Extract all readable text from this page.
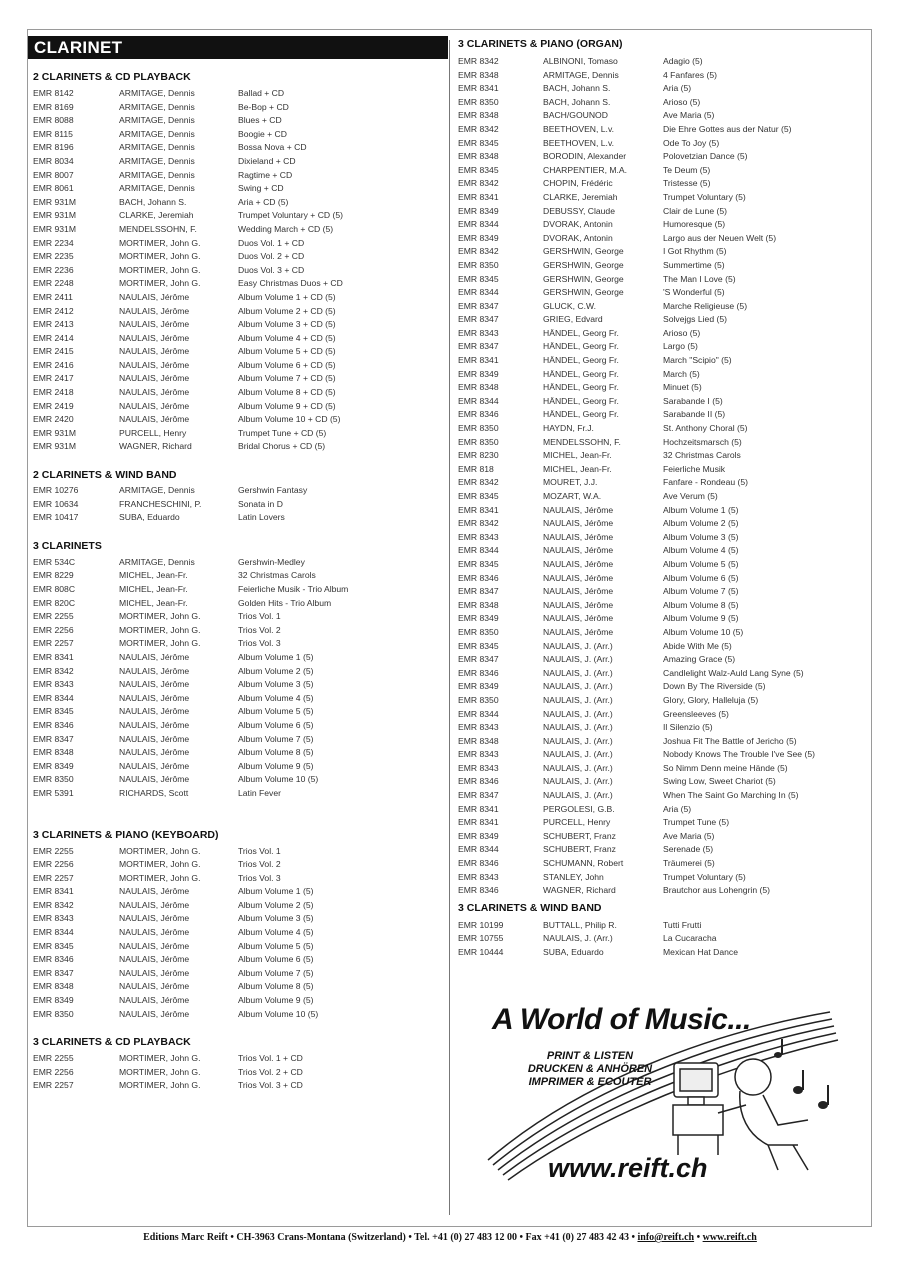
CLARINET
2 CLARINETS & CD PLAYBACK
EMR 8142	ARMITAGE, Dennis	Ballad + CD
EMR 8169	ARMITAGE, Dennis	Be-Bop + CD
EMR 8088	ARMITAGE, Dennis	Blues + CD
EMR 8115	ARMITAGE, Dennis	Boogie + CD
EMR 8196	ARMITAGE, Dennis	Bossa Nova + CD
EMR 8034	ARMITAGE, Dennis	Dixieland + CD
EMR 8007	ARMITAGE, Dennis	Ragtime + CD
EMR 8061	ARMITAGE, Dennis	Swing + CD
EMR 931M	BACH, Johann S.	Aria + CD (5)
EMR 931M	CLARKE, Jeremiah	Trumpet Voluntary + CD (5)
EMR 931M	MENDELSSOHN, F.	Wedding March + CD (5)
EMR 2234	MORTIMER, John G.	Duos Vol. 1 + CD
EMR 2235	MORTIMER, John G.	Duos Vol. 2 + CD
EMR 2236	MORTIMER, John G.	Duos Vol. 3 + CD
EMR 2248	MORTIMER, John G.	Easy Christmas Duos + CD
EMR 2411	NAULAIS, Jérôme	Album Volume 1 + CD (5)
EMR 2412	NAULAIS, Jérôme	Album Volume 2 + CD (5)
EMR 2413	NAULAIS, Jérôme	Album Volume 3 + CD (5)
EMR 2414	NAULAIS, Jérôme	Album Volume 4 + CD (5)
EMR 2415	NAULAIS, Jérôme	Album Volume 5 + CD (5)
EMR 2416	NAULAIS, Jérôme	Album Volume 6 + CD (5)
EMR 2417	NAULAIS, Jérôme	Album Volume 7 + CD (5)
EMR 2418	NAULAIS, Jérôme	Album Volume 8 + CD (5)
EMR 2419	NAULAIS, Jérôme	Album Volume 9 + CD (5)
EMR 2420	NAULAIS, Jérôme	Album Volume 10 + CD (5)
EMR 931M	PURCELL, Henry	Trumpet Tune + CD (5)
EMR 931M	WAGNER, Richard	Bridal Chorus + CD (5)
2 CLARINETS & WIND BAND
EMR 10276	ARMITAGE, Dennis	Gershwin Fantasy
EMR 10634	FRANCHESCHINI, P.	Sonata in D
EMR 10417	SUBA, Eduardo	Latin Lovers
3 CLARINETS
EMR 534C	ARMITAGE, Dennis	Gershwin-Medley
EMR 8229	MICHEL, Jean-Fr.	32 Christmas Carols
EMR 808C	MICHEL, Jean-Fr.	Feierliche Musik - Trio Album
EMR 820C	MICHEL, Jean-Fr.	Golden Hits - Trio Album
EMR 2255	MORTIMER, John G.	Trios Vol. 1
EMR 2256	MORTIMER, John G.	Trios Vol. 2
EMR 2257	MORTIMER, John G.	Trios Vol. 3
EMR 8341	NAULAIS, Jérôme	Album Volume 1 (5)
EMR 8342	NAULAIS, Jérôme	Album Volume 2 (5)
EMR 8343	NAULAIS, Jérôme	Album Volume 3 (5)
EMR 8344	NAULAIS, Jérôme	Album Volume 4 (5)
EMR 8345	NAULAIS, Jérôme	Album Volume 5 (5)
EMR 8346	NAULAIS, Jérôme	Album Volume 6 (5)
EMR 8347	NAULAIS, Jérôme	Album Volume 7 (5)
EMR 8348	NAULAIS, Jérôme	Album Volume 8 (5)
EMR 8349	NAULAIS, Jérôme	Album Volume 9 (5)
EMR 8350	NAULAIS, Jérôme	Album Volume 10 (5)
EMR 5391	RICHARDS, Scott	Latin Fever
3 CLARINETS & PIANO (KEYBOARD)
EMR 2255	MORTIMER, John G.	Trios Vol. 1
EMR 2256	MORTIMER, John G.	Trios Vol. 2
EMR 2257	MORTIMER, John G.	Trios Vol. 3
EMR 8341	NAULAIS, Jérôme	Album Volume 1 (5)
EMR 8342	NAULAIS, Jérôme	Album Volume 2 (5)
EMR 8343	NAULAIS, Jérôme	Album Volume 3 (5)
EMR 8344	NAULAIS, Jérôme	Album Volume 4 (5)
EMR 8345	NAULAIS, Jérôme	Album Volume 5 (5)
EMR 8346	NAULAIS, Jérôme	Album Volume 6 (5)
EMR 8347	NAULAIS, Jérôme	Album Volume 7 (5)
EMR 8348	NAULAIS, Jérôme	Album Volume 8 (5)
EMR 8349	NAULAIS, Jérôme	Album Volume 9 (5)
EMR 8350	NAULAIS, Jérôme	Album Volume 10 (5)
3 CLARINETS & CD PLAYBACK
EMR 2255	MORTIMER, John G.	Trios Vol. 1 + CD
EMR 2256	MORTIMER, John G.	Trios Vol. 2 + CD
EMR 2257	MORTIMER, John G.	Trios Vol. 3 + CD
3 CLARINETS & PIANO (ORGAN)
EMR 8342	ALBINONI, Tomaso	Adagio (5)
EMR 8348	ARMITAGE, Dennis	4 Fanfares (5)
EMR 8341	BACH, Johann S.	Aria (5)
EMR 8350	BACH, Johann S.	Arioso (5)
EMR 8348	BACH/GOUNOD	Ave Maria (5)
EMR 8342	BEETHOVEN, L.v.	Die Ehre Gottes aus der Natur (5)
EMR 8345	BEETHOVEN, L.v.	Ode To Joy (5)
EMR 8348	BORODIN, Alexander	Polovetzian Dance (5)
EMR 8345	CHARPENTIER, M.A.	Te Deum (5)
EMR 8342	CHOPIN, Frédéric	Tristesse (5)
EMR 8341	CLARKE, Jeremiah	Trumpet Voluntary (5)
EMR 8349	DEBUSSY, Claude	Clair de Lune (5)
EMR 8344	DVORAK, Antonin	Humoresque (5)
EMR 8349	DVORAK, Antonin	Largo aus der Neuen Welt (5)
EMR 8342	GERSHWIN, George	I Got Rhythm (5)
EMR 8350	GERSHWIN, George	Summertime (5)
EMR 8345	GERSHWIN, George	The Man I Love (5)
EMR 8344	GERSHWIN, George	'S Wonderful (5)
EMR 8347	GLUCK, C.W.	Marche Religieuse (5)
EMR 8347	GRIEG, Edvard	Solvejgs Lied (5)
EMR 8343	HÄNDEL, Georg Fr.	Arioso (5)
EMR 8347	HÄNDEL, Georg Fr.	Largo (5)
EMR 8341	HÄNDEL, Georg Fr.	March "Scipio" (5)
EMR 8349	HÄNDEL, Georg Fr.	March (5)
EMR 8348	HÄNDEL, Georg Fr.	Minuet (5)
EMR 8344	HÄNDEL, Georg Fr.	Sarabande I (5)
EMR 8346	HÄNDEL, Georg Fr.	Sarabande II (5)
EMR 8350	HAYDN, Fr.J.	St. Anthony Choral (5)
EMR 8350	MENDELSSOHN, F.	Hochzeitsmarsch (5)
EMR 8230	MICHEL, Jean-Fr.	32 Christmas Carols
EMR 818	MICHEL, Jean-Fr.	Feierliche Musik
EMR 8342	MOURET, J.J.	Fanfare - Rondeau (5)
EMR 8345	MOZART, W.A.	Ave Verum (5)
EMR 8341	NAULAIS, Jérôme	Album Volume 1 (5)
EMR 8342	NAULAIS, Jérôme	Album Volume 2 (5)
EMR 8343	NAULAIS, Jérôme	Album Volume 3 (5)
EMR 8344	NAULAIS, Jérôme	Album Volume 4 (5)
EMR 8345	NAULAIS, Jérôme	Album Volume 5 (5)
EMR 8346	NAULAIS, Jérôme	Album Volume 6 (5)
EMR 8347	NAULAIS, Jérôme	Album Volume 7 (5)
EMR 8348	NAULAIS, Jérôme	Album Volume 8 (5)
EMR 8349	NAULAIS, Jérôme	Album Volume 9 (5)
EMR 8350	NAULAIS, Jérôme	Album Volume 10 (5)
EMR 8345	NAULAIS, J. (Arr.)	Abide With Me (5)
EMR 8347	NAULAIS, J. (Arr.)	Amazing Grace (5)
EMR 8346	NAULAIS, J. (Arr.)	Candlelight Walz-Auld Lang Syne (5)
EMR 8349	NAULAIS, J. (Arr.)	Down By The Riverside (5)
EMR 8350	NAULAIS, J. (Arr.)	Glory, Glory, Halleluja (5)
EMR 8344	NAULAIS, J. (Arr.)	Greensleeves (5)
EMR 8343	NAULAIS, J. (Arr.)	Il Silenzio (5)
EMR 8348	NAULAIS, J. (Arr.)	Joshua Fit The Battle of Jericho (5)
EMR 8343	NAULAIS, J. (Arr.)	Nobody Knows The Trouble I've See (5)
EMR 8343	NAULAIS, J. (Arr.)	So Nimm Denn meine Hände (5)
EMR 8346	NAULAIS, J. (Arr.)	Swing Low, Sweet Chariot (5)
EMR 8347	NAULAIS, J. (Arr.)	When The Saint Go Marching In (5)
EMR 8341	PERGOLESI, G.B.	Aria (5)
EMR 8341	PURCELL, Henry	Trumpet Tune (5)
EMR 8349	SCHUBERT, Franz	Ave Maria (5)
EMR 8344	SCHUBERT, Franz	Serenade (5)
EMR 8346	SCHUMANN, Robert	Träumerei (5)
EMR 8343	STANLEY, John	Trumpet Voluntary (5)
EMR 8346	WAGNER, Richard	Brautchor aus Lohengrin (5)
3 CLARINETS & WIND BAND
EMR 10199	BUTTALL, Philip R.	Tutti Frutti
EMR 10755	NAULAIS, J. (Arr.)	La Cucaracha
EMR 10444	SUBA, Eduardo	Mexican Hat Dance
A World of Music...
PRINT & LISTEN
DRUCKEN & ANHÖREN
IMPRIMER & ECOUTER
www.reift.ch
Editions Marc Reift • CH-3963 Crans-Montana (Switzerland) • Tel. +41 (0) 27 483 12 00 • Fax +41 (0) 27 483 42 43 • info@reift.ch • www.reift.ch
